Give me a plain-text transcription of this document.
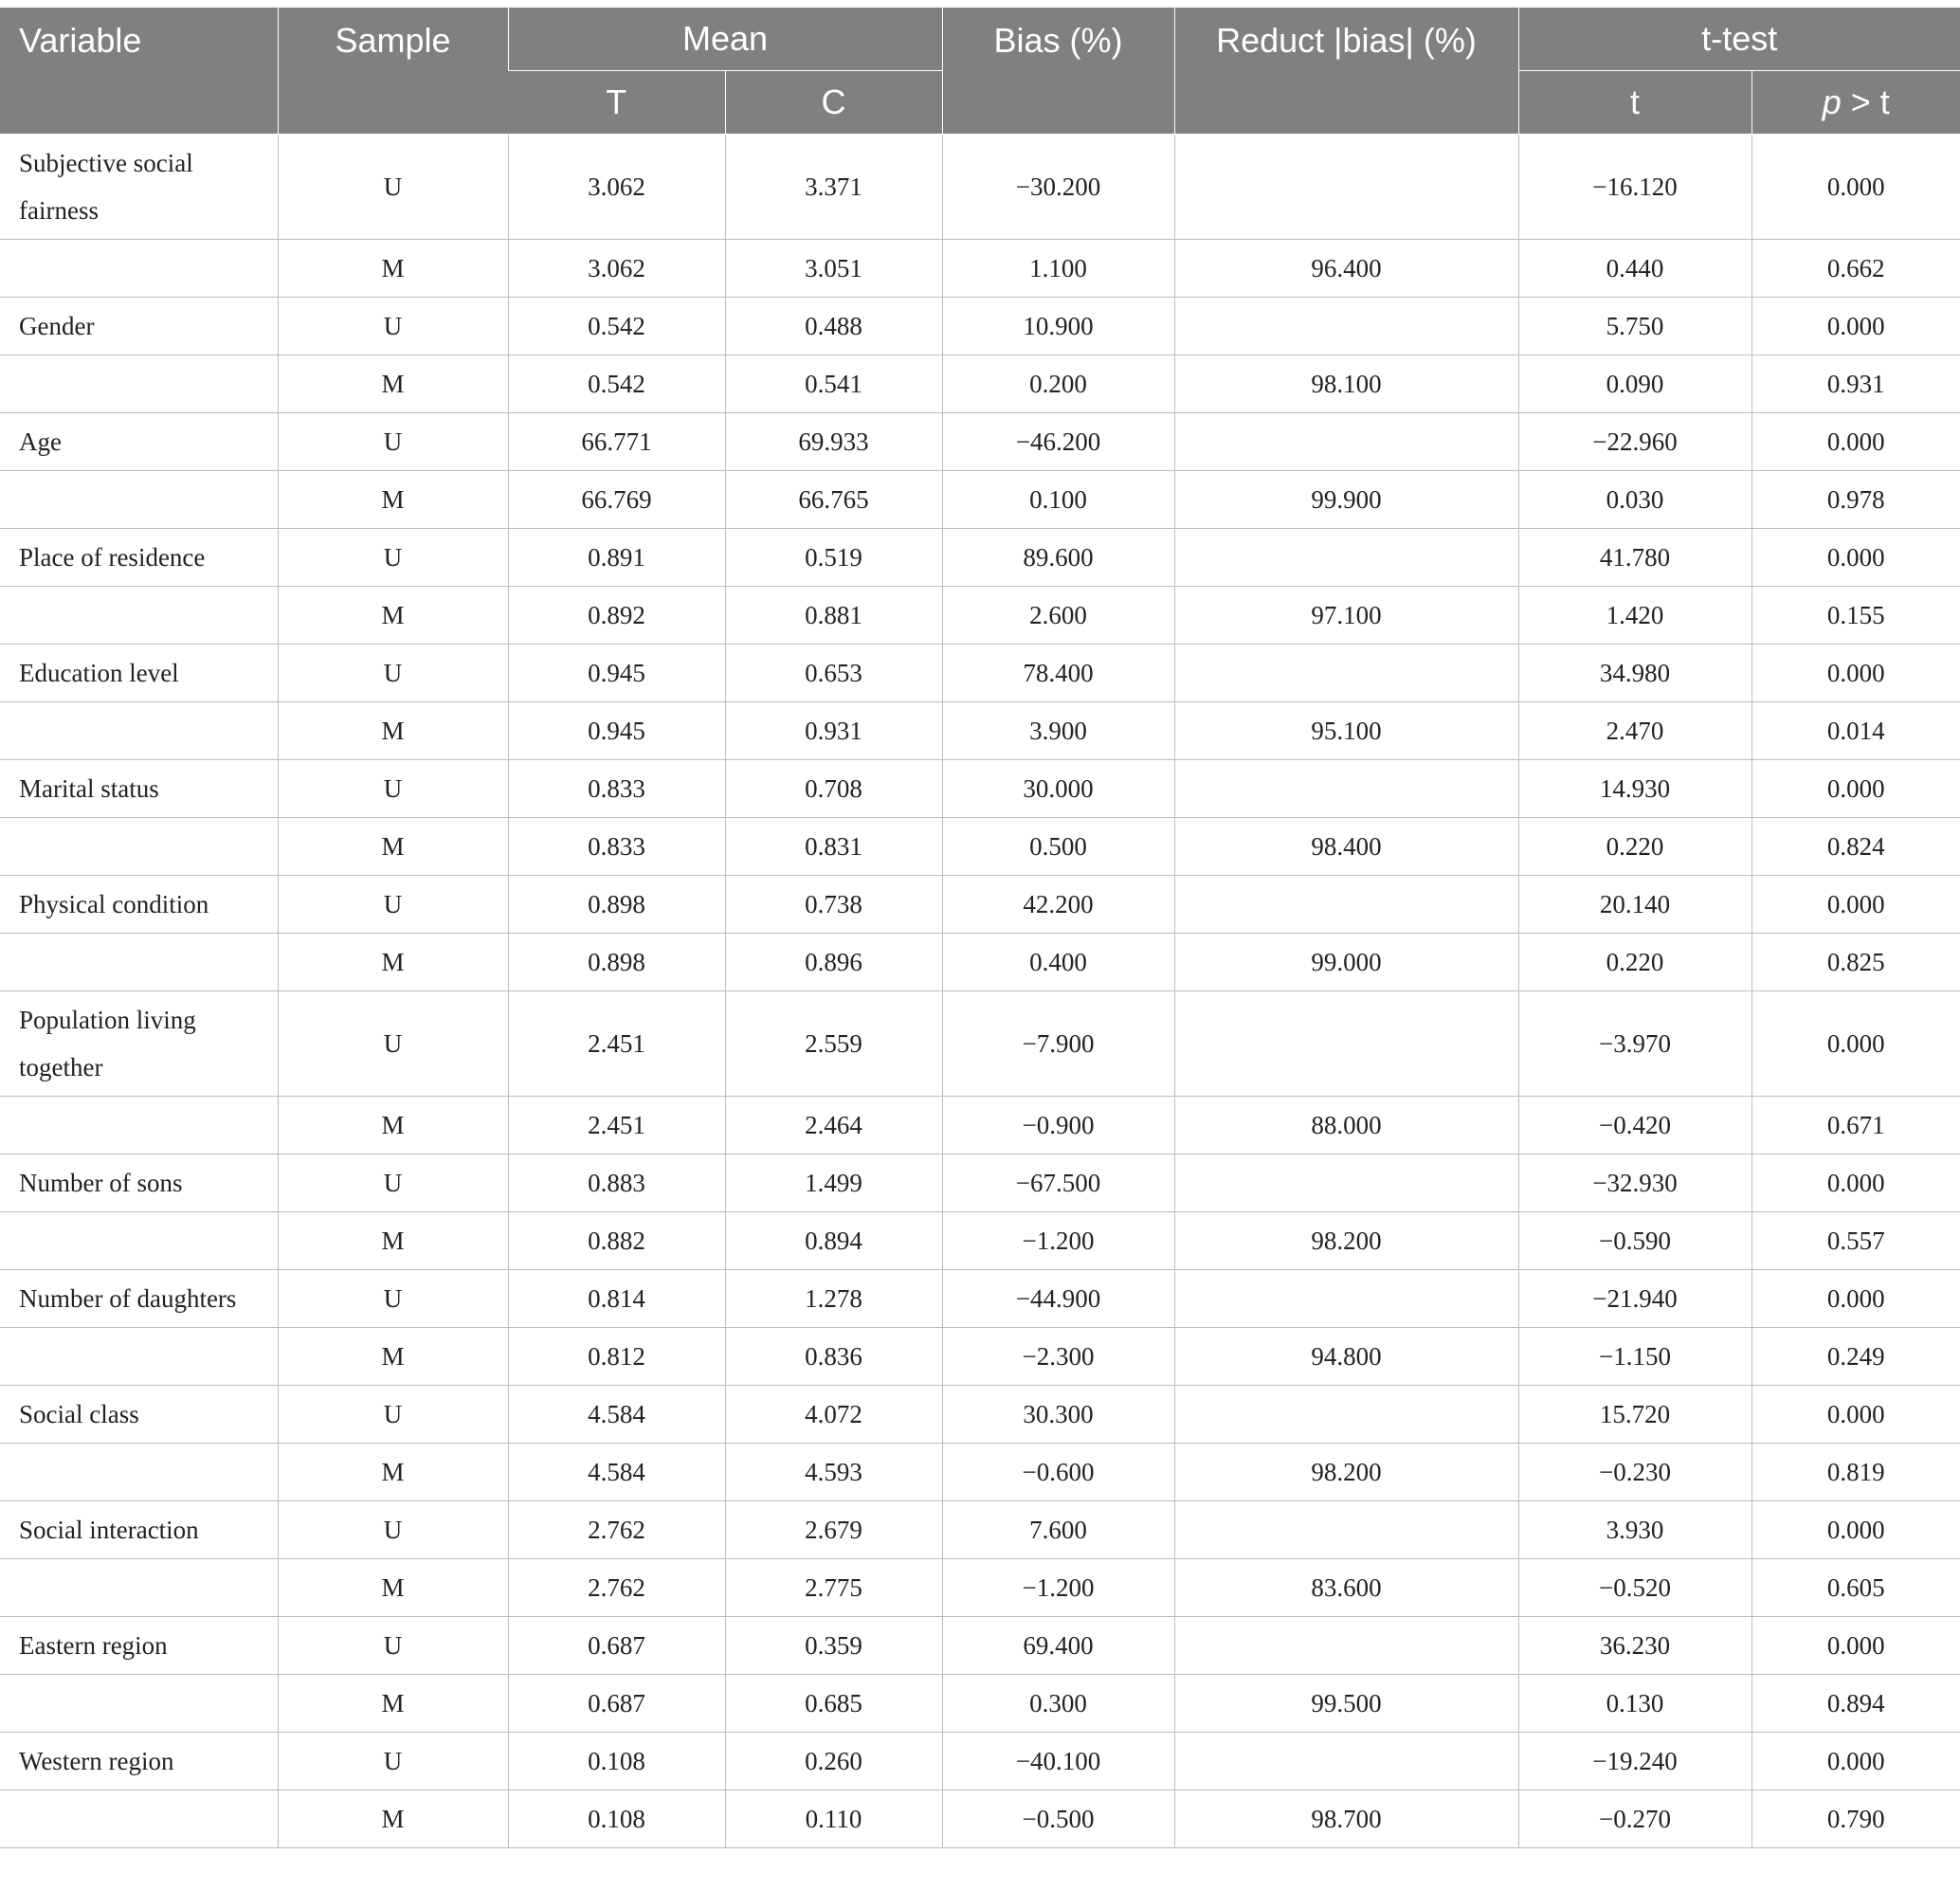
Variable	Sample	Mean		Bias (%)	Reduct |bias| (%)	t-test	
		T	C			t	p > t
Subjective social fairness	U	3.062	3.371	−30.200		−16.120	0.000
	M	3.062	3.051	1.100	96.400	0.440	0.662
Gender	U	0.542	0.488	10.900		5.750	0.000
	M	0.542	0.541	0.200	98.100	0.090	0.931
Age	U	66.771	69.933	−46.200		−22.960	0.000
	M	66.769	66.765	0.100	99.900	0.030	0.978
Place of residence	U	0.891	0.519	89.600		41.780	0.000
	M	0.892	0.881	2.600	97.100	1.420	0.155
Education level	U	0.945	0.653	78.400		34.980	0.000
	M	0.945	0.931	3.900	95.100	2.470	0.014
Marital status	U	0.833	0.708	30.000		14.930	0.000
	M	0.833	0.831	0.500	98.400	0.220	0.824
Physical condition	U	0.898	0.738	42.200		20.140	0.000
	M	0.898	0.896	0.400	99.000	0.220	0.825
Population living together	U	2.451	2.559	−7.900		−3.970	0.000
	M	2.451	2.464	−0.900	88.000	−0.420	0.671
Number of sons	U	0.883	1.499	−67.500		−32.930	0.000
	M	0.882	0.894	−1.200	98.200	−0.590	0.557
Number of daughters	U	0.814	1.278	−44.900		−21.940	0.000
	M	0.812	0.836	−2.300	94.800	−1.150	0.249
Social class	U	4.584	4.072	30.300		15.720	0.000
	M	4.584	4.593	−0.600	98.200	−0.230	0.819
Social interaction	U	2.762	2.679	7.600		3.930	0.000
	M	2.762	2.775	−1.200	83.600	−0.520	0.605
Eastern region	U	0.687	0.359	69.400		36.230	0.000
	M	0.687	0.685	0.300	99.500	0.130	0.894
Western region	U	0.108	0.260	−40.100		−19.240	0.000
	M	0.108	0.110	−0.500	98.700	−0.270	0.790
